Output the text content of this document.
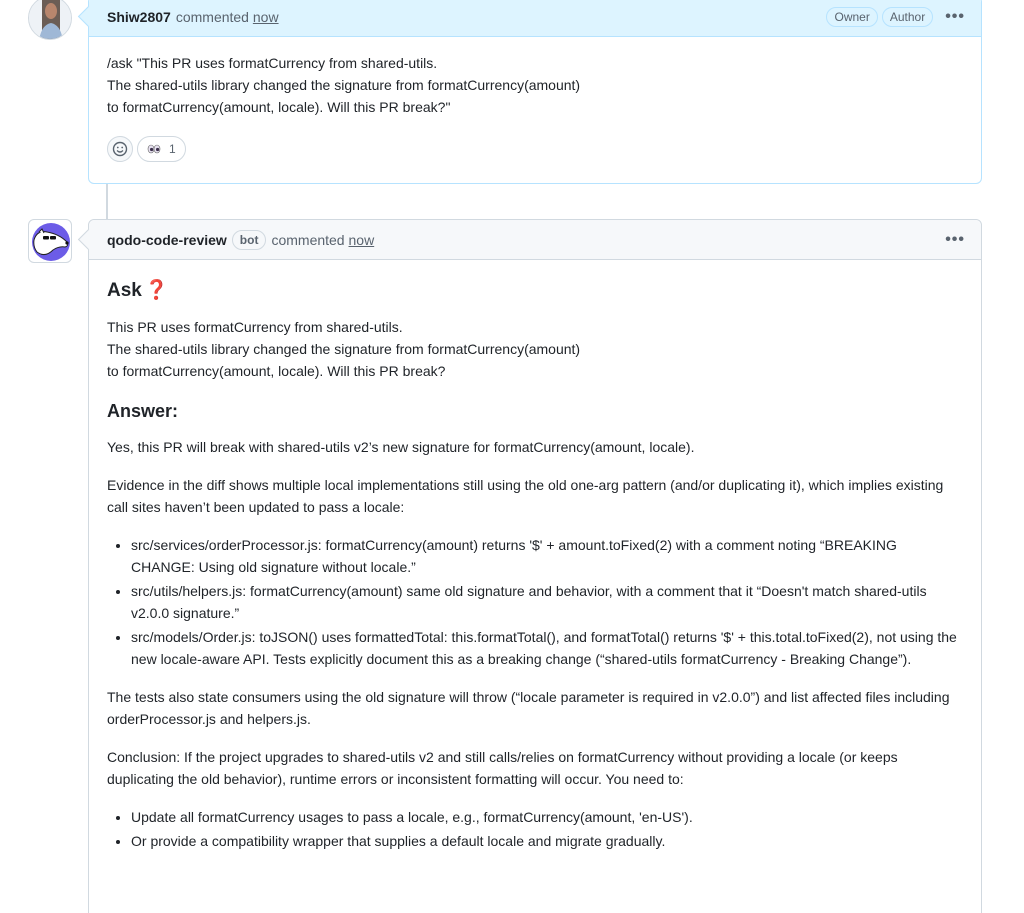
Shiw2807 commented now	Owner	Author	•••
/ask "This PR uses formatCurrency from shared-utils.
The shared-utils library changed the signature from formatCurrency(amount)
to formatCurrency(amount, locale). Will this PR break?"
1
qodo-code-review	bot commented now	•••
Ask ❓

This PR uses formatCurrency from shared-utils.
The shared-utils library changed the signature from formatCurrency(amount)
to formatCurrency(amount, locale). Will this PR break?

Answer:

Yes, this PR will break with shared-utils v2’s new signature for formatCurrency(amount, locale).

Evidence in the diff shows multiple local implementations still using the old one-arg pattern (and/or duplicating it), which implies existing call sites haven’t been updated to pass a locale:

• src/services/orderProcessor.js: formatCurrency(amount) returns '$' + amount.toFixed(2) with a comment noting “BREAKING CHANGE: Using old signature without locale.”
• src/utils/helpers.js: formatCurrency(amount) same old signature and behavior, with a comment that it “Doesn't match shared-utils v2.0.0 signature.”
• src/models/Order.js: toJSON() uses formattedTotal: this.formatTotal(), and formatTotal() returns '$' + this.total.toFixed(2), not using the new locale-aware API. Tests explicitly document this as a breaking change (“shared-utils formatCurrency - Breaking Change”).

The tests also state consumers using the old signature will throw (“locale parameter is required in v2.0.0”) and list affected files including orderProcessor.js and helpers.js.

Conclusion: If the project upgrades to shared-utils v2 and still calls/relies on formatCurrency without providing a locale (or keeps duplicating the old behavior), runtime errors or inconsistent formatting will occur. You need to:

• Update all formatCurrency usages to pass a locale, e.g., formatCurrency(amount, 'en-US').
• Or provide a compatibility wrapper that supplies a default locale and migrate gradually.
